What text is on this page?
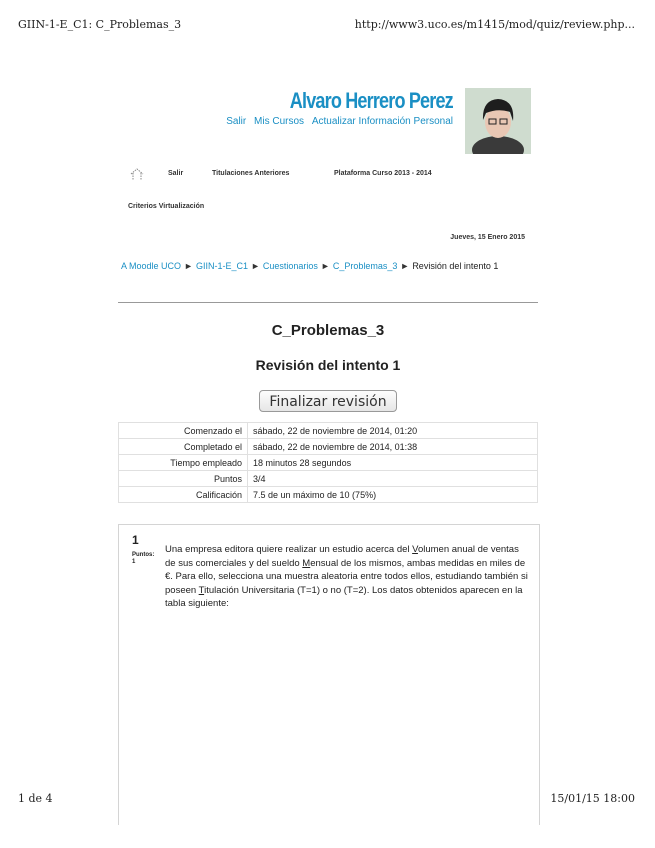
GIIN-1-E_C1: C_Problemas_3	http://www3.uco.es/m1415/mod/quiz/review.php...
Alvaro Herrero Perez
Salir Mis Cursos Actualizar Información Personal
Salir	Titulaciones Anteriores	Plataforma Curso 2013 - 2014
Criterios Virtualización
Jueves, 15 Enero 2015
A Moodle UCO ► GIIN-1-E_C1 ► Cuestionarios ► C_Problemas_3 ► Revisión del intento 1
C_Problemas_3
Revisión del intento 1
Finalizar revisión
Comenzado el	sábado, 22 de noviembre de 2014, 01:20
Completado el	sábado, 22 de noviembre de 2014, 01:38
Tiempo empleado	18 minutos 28 segundos
Puntos	3/4
Calificación	7.5 de un máximo de 10 (75%)
1
Puntos:
1
Una empresa editora quiere realizar un estudio acerca del Volumen anual de ventas de sus comerciales y del sueldo Mensual de los mismos, ambas medidas en miles de €. Para ello, selecciona una muestra aleatoria entre todos ellos, estudiando también si poseen Titulación Universitaria (T=1) o no (T=2). Los datos obtenidos aparecen en la tabla siguiente:
1 de 4	15/01/15 18:00
